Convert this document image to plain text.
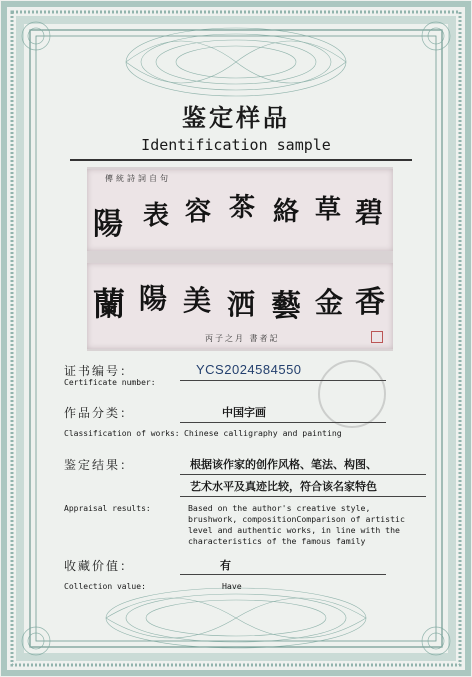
鉴定样品
Identification sample
傳統詩詞自句
陽 表 容 茶 絡 草 碧
蘭 陽 美 洒 藝 金 香
丙子之月 書者記
证书编号：
Certificate number:
YCS2024584550
作品分类：	中国字画
Classification of works: Chinese calligraphy and painting
鉴定结果：	根据该作家的创作风格、笔法、构图、
艺术水平及真迹比较，符合该名家特色
Appraisal results:	Based on the author's creative style,
brushwork, compositionComparison of artistic
level and authentic works, in line with the
characteristics of the famous family
收藏价值：	有
Collection value:	Have
